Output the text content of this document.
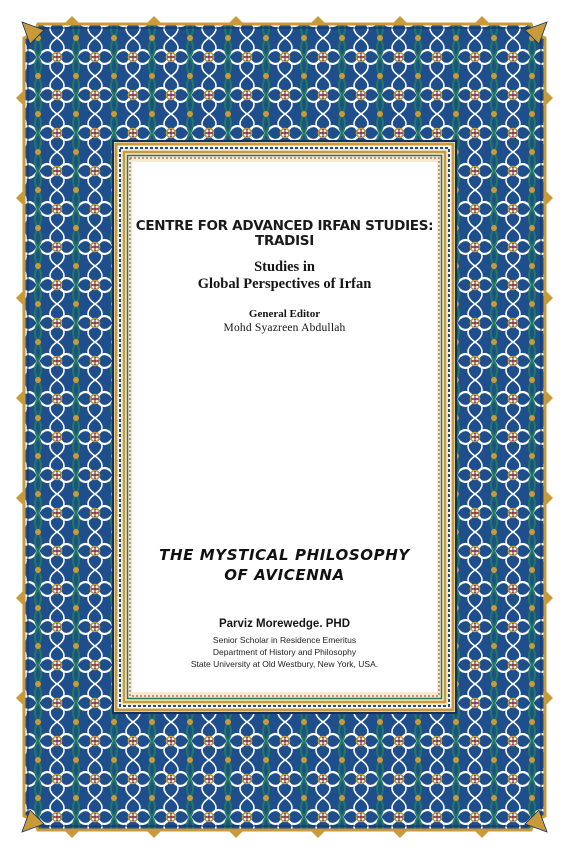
CENTRE FOR ADVANCED IRFAN STUDIES:
TRADISI
Studies in
Global Perspectives of Irfan
General Editor
Mohd Syazreen Abdullah
THE MYSTICAL PHILOSOPHY
OF AVICENNA
Parviz Morewedge. PHD
Senior Scholar in Residence Emeritus
Department of History and Philosophy
State University at Old Westbury, New York, USA.
